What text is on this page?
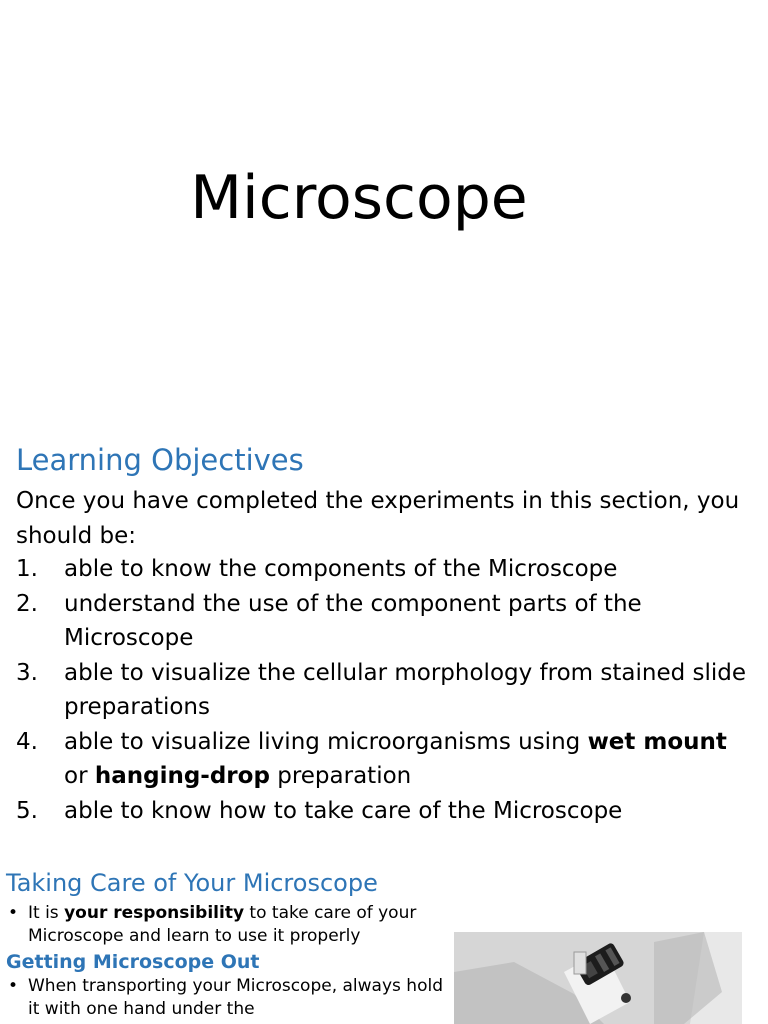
Microscope
Learning Objectives

Once you have completed the experiments in this section, you should be:

1. able to know the components of the Microscope
2. understand the use of the component parts of the Microscope
3. able to visualize the cellular morphology from stained slide preparations
4. able to visualize living microorganisms using wet mount or hanging-drop preparation
5. able to know how to take care of the Microscope
Taking Care of Your Microscope
• It is your responsibility to take care of your Microscope and learn to use it properly
Getting Microscope Out
• When transporting your Microscope, always hold it with one hand under the
